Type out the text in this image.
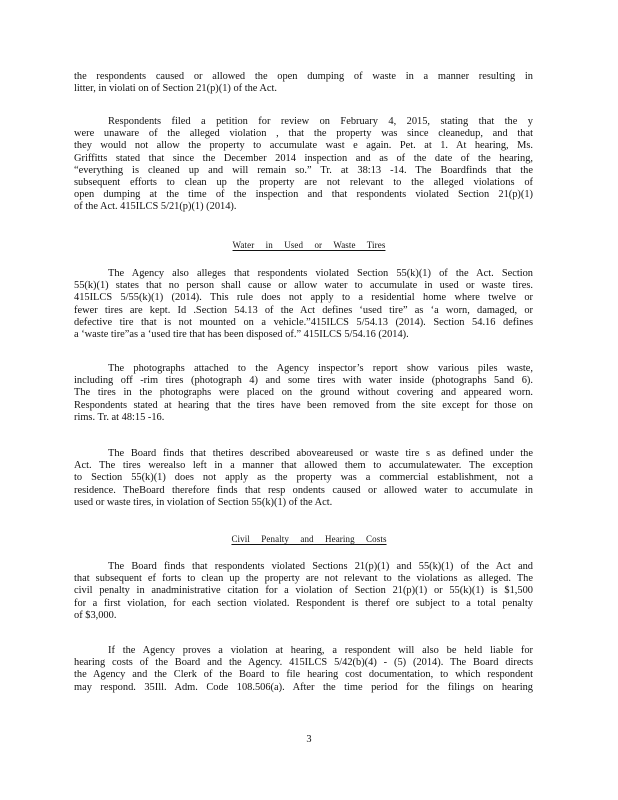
the respondents caused or allowed the open dumping of waste in a manner resulting in
litter, in violati on of Section 21(p)(1) of the Act.
Respondents filed a petition for review on February 4, 2015, stating that the y
were unaware of the alleged violation , that the property was since cleanedup, and that
they would not allow the property to accumulate wast e again. Pet. at 1. At hearing, Ms.
Griffitts stated that since the December 2014 inspection and as of the date of the hearing,
“everything is cleaned up and will remain so.” Tr. at 38:13 -14. The Boardfinds that the
subsequent efforts to clean up the property are not relevant to the alleged violations of
open dumping at the time of the inspection and that respondents violated Section 21(p)(1)
of the Act. 415ILCS 5/21(p)(1) (2014).
Water in Used or Waste Tires
The Agency also alleges that respondents violated Section 55(k)(1) of the Act. Section
55(k)(1) states that no person shall cause or allow water to accumulate in used or waste tires.
415ILCS 5/55(k)(1) (2014). This rule does not apply to a residential home where twelve or
fewer tires are kept. Id .Section 54.13 of the Act defines ‘used tire” as ‘a worn, damaged, or
defective tire that is not mounted on a vehicle.”415ILCS 5/54.13 (2014). Section 54.16 defines
a ‘waste tire”as a ‘used tire that has been disposed of.” 415ILCS 5/54.16 (2014).
The photographs attached to the Agency inspector’s report show various piles waste,
including off -rim tires (photograph 4) and some tires with water inside (photographs 5and 6).
The tires in the photographs were placed on the ground without covering and appeared worn.
Respondents stated at hearing that the tires have been removed from the site except for those on
rims. Tr. at 48:15 -16.
The Board finds that thetires described aboveareused or waste tire s as defined under the
Act. The tires werealso left in a manner that allowed them to accumulatewater. The exception
to Section 55(k)(1) does not apply as the property was a commercial establishment, not a
residence. TheBoard therefore finds that resp ondents caused or allowed water to accumulate in
used or waste tires, in violation of Section 55(k)(1) of the Act.
Civil Penalty and Hearing Costs
The Board finds that respondents violated Sections 21(p)(1) and 55(k)(1) of the Act and
that subsequent ef forts to clean up the property are not relevant to the violations as alleged. The
civil penalty in anadministrative citation for a violation of Section 21(p)(1) or 55(k)(1) is $1,500
for a first violation, for each section violated. Respondent is theref ore subject to a total penalty
of $3,000.
If the Agency proves a violation at hearing, a respondent will also be held liable for
hearing costs of the Board and the Agency. 415ILCS 5/42(b)(4) - (5) (2014). The Board directs
the Agency and the Clerk of the Board to file hearing cost documentation, to which respondent
may respond. 35Ill. Adm. Code 108.506(a). After the time period for the filings on hearing
3
